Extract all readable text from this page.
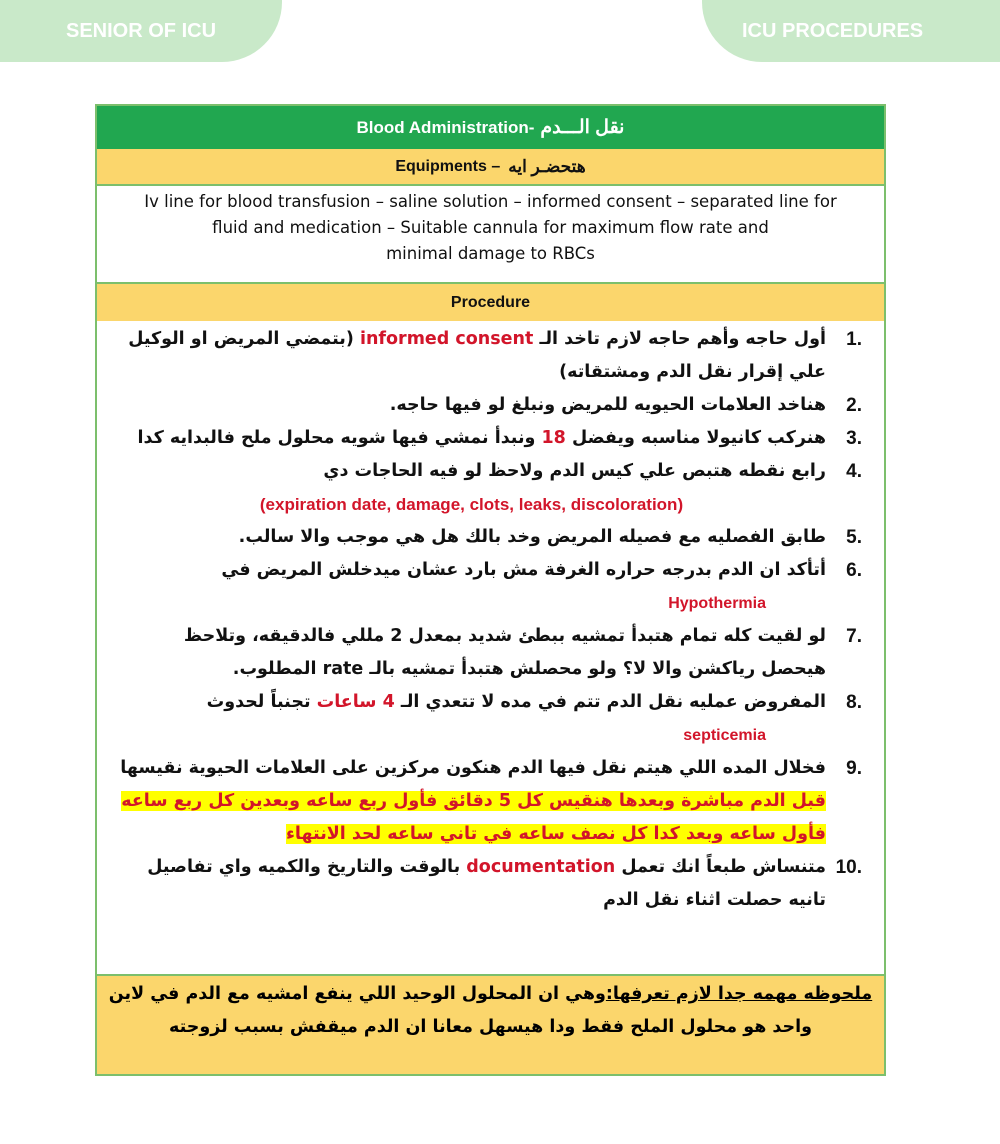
SENIOR OF ICU	ICU PROCEDURES
Blood Administration- نقل الـــدم
Equipments – هتحضـر ايه
Iv line for blood transfusion – saline solution – informed consent – separated line for
fluid and medication – Suitable cannula for maximum flow rate and
minimal damage to RBCs
Procedure
1.
أول حاجه وأهم حاجه لازم تاخد الـ informed consent (بتمضي المريض او الوكيل علي إقرار نقل الدم ومشتقاته)
2.
هناخد العلامات الحيويه للمريض ونبلغ لو فيها حاجه.
3.
هنركب كانيولا مناسبه ويفضل 18 ونبدأ نمشي فيها شويه محلول ملح فالبدايه كدا
4.
رابع نقطه هتبص علي كيس الدم ولاحظ لو فيه الحاجات دي
(expiration date, damage, clots, leaks, discoloration)
5.
طابق الفصليه مع فصيله المريض وخد بالك هل هي موجب والا سالب.
6.
أتأكد ان الدم بدرجه حراره الغرفة مش بارد عشان ميدخلش المريض في
Hypothermia
7.
لو لقيت كله تمام هتبدأ تمشيه ببطئ شديد بمعدل 2 مللي فالدقيقه، وتلاحظ هيحصل رياكشن والا لا؟ ولو محصلش هتبدأ تمشيه بالـ rate المطلوب.
8.
المفروض عمليه نقل الدم تتم في مده لا تتعدي الـ 4 ساعات تجنباً لحدوث
septicemia
9.
فخلال المده اللي هيتم نقل فيها الدم هنكون مركزين على العلامات الحيوية نقيسها قبل الدم مباشرة وبعدها هنقيس كل 5 دقائق فأول ربع ساعه وبعدين كل ربع ساعه فأول ساعه وبعد كدا كل نصف ساعه في تاني ساعه لحد الانتهاء
10.
متنساش طبعاً انك تعمل documentation بالوقت والتاريخ والكميه واي تفاصيل تانيه حصلت اثناء نقل الدم
ملحوظه مهمه جدا لازم تعرفها:وهي ان المحلول الوحيد اللي ينفع امشيه مع الدم في لاين واحد هو محلول الملح فقط ودا هيسهل معانا ان الدم ميقفش بسبب لزوجته
